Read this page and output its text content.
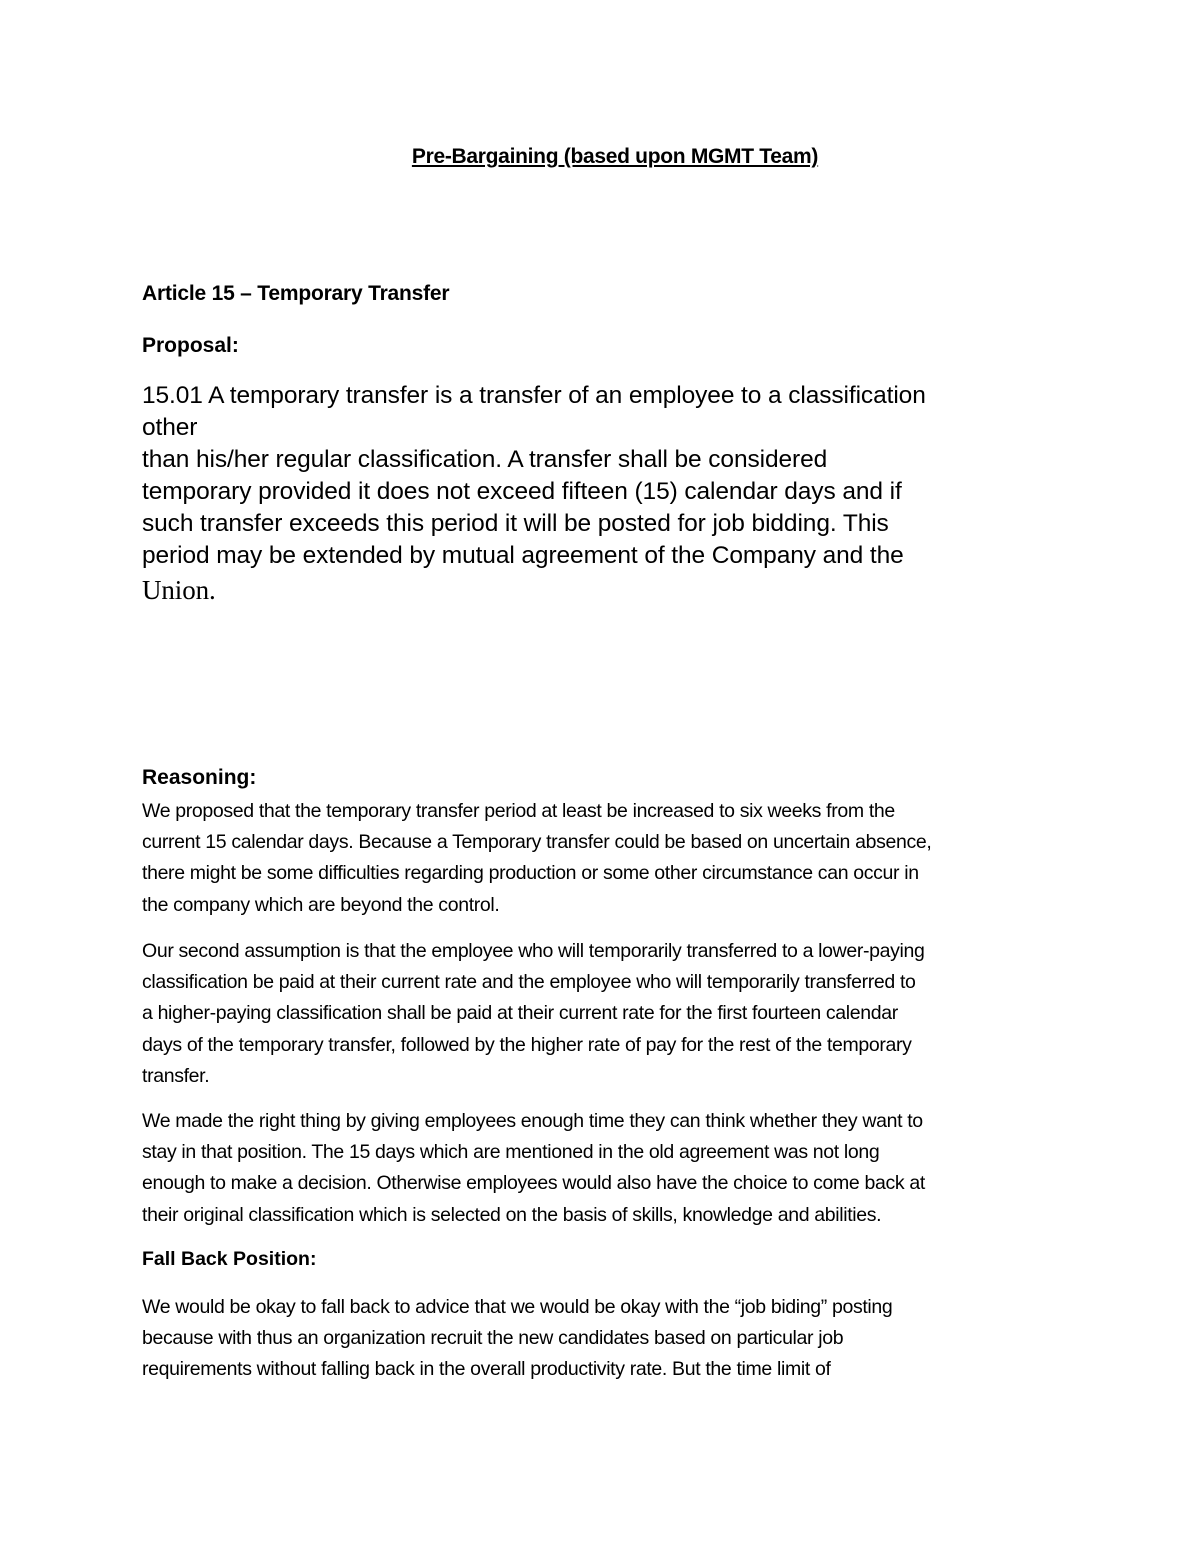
Pre-Bargaining (based upon MGMT Team)
Article 15 – Temporary Transfer
Proposal:
15.01 A temporary transfer is a transfer of an employee to a classification
other
than his/her regular classification. A transfer shall be considered
temporary provided it does not exceed fifteen (15) calendar days and if
such transfer exceeds this period it will be posted for job bidding. This
period may be extended by mutual agreement of the Company and the
Union.
Reasoning:
We proposed that the temporary transfer period at least be increased to six weeks from the
current 15 calendar days. Because a Temporary transfer could be based on uncertain absence,
there might be some difficulties regarding production or some other circumstance can occur in
the company which are beyond the control.
Our second assumption is that the employee who will temporarily transferred to a lower-paying
classification be paid at their current rate and the employee who will temporarily transferred to
a higher-paying classification shall be paid at their current rate for the first fourteen calendar
days of the temporary transfer, followed by the higher rate of pay for the rest of the temporary
transfer.
We made the right thing by giving employees enough time they can think whether they want to
stay in that position. The 15 days which are mentioned in the old agreement was not long
enough to make a decision. Otherwise employees would also have the choice to come back at
their original classification which is selected on the basis of skills, knowledge and abilities.
Fall Back Position:
We would be okay to fall back to advice that we would be okay with the “job biding” posting
because with thus an organization recruit the new candidates based on particular job
requirements without falling back in the overall productivity rate. But the time limit of
